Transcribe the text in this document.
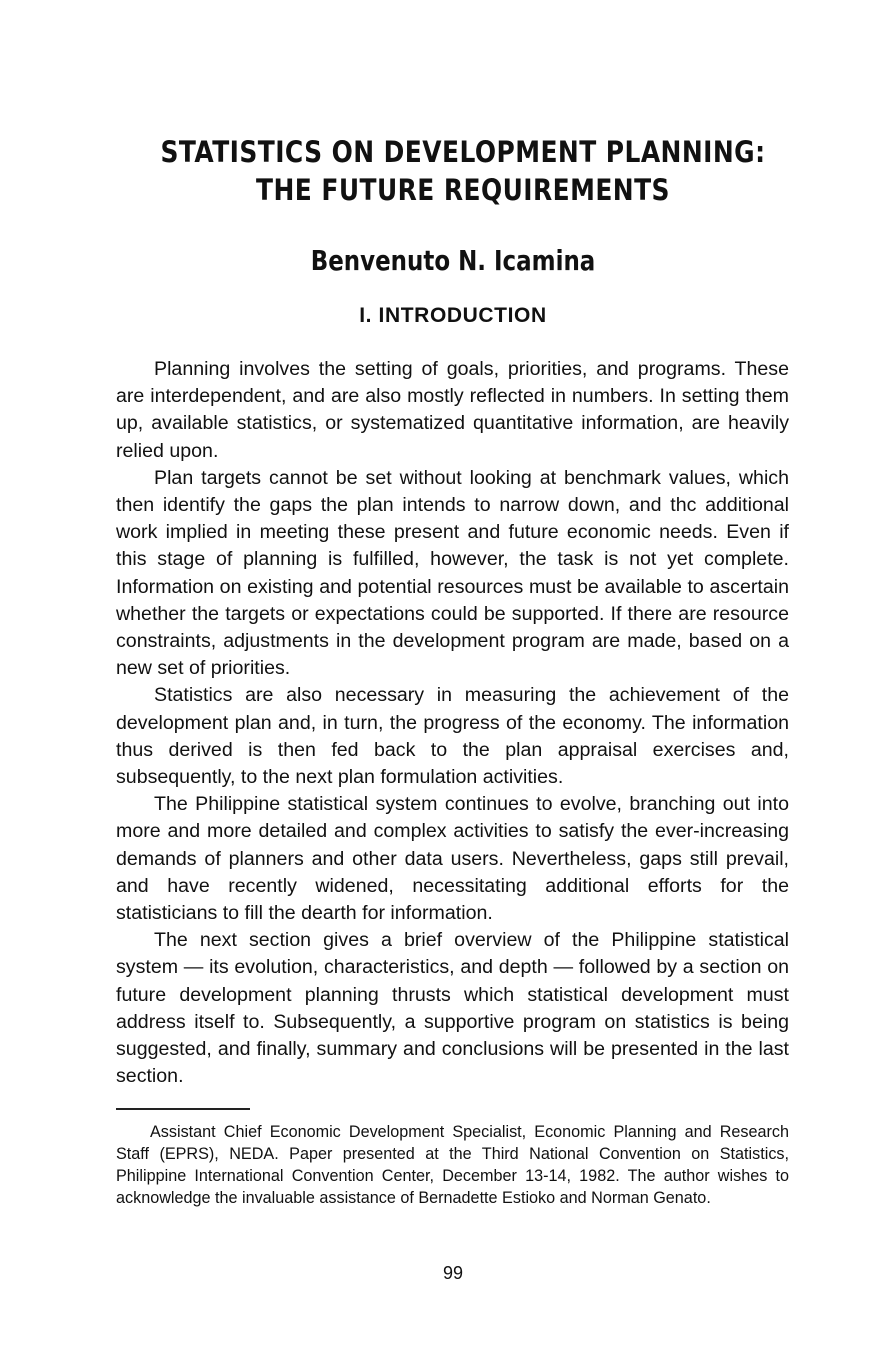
STATISTICS ON DEVELOPMENT PLANNING:
THE FUTURE REQUIREMENTS
Benvenuto N. Icamina
I. INTRODUCTION

Planning involves the setting of goals, priorities, and programs. These are interdependent, and are also mostly reflected in numbers. In setting them up, available statistics, or systematized quantitative information, are heavily relied upon.

Plan targets cannot be set without looking at benchmark values, which then identify the gaps the plan intends to narrow down, and thc additional work implied in meeting these present and future economic needs. Even if this stage of planning is fulfilled, however, the task is not yet complete. Information on existing and potential resources must be available to ascertain whether the targets or expectations could be supported. If there are resource constraints, adjustments in the development program are made, based on a new set of priorities.

Statistics are also necessary in measuring the achievement of the development plan and, in turn, the progress of the economy. The information thus derived is then fed back to the plan appraisal exercises and, subsequently, to the next plan formulation activities.

The Philippine statistical system continues to evolve, branching out into more and more detailed and complex activities to satisfy the ever-increasing demands of planners and other data users. Nevertheless, gaps still prevail, and have recently widened, necessitating additional efforts for the statisticians to fill the dearth for information.

The next section gives a brief overview of the Philippine statistical system — its evolution, characteristics, and depth — followed by a section on future development planning thrusts which statistical development must address itself to. Subsequently, a supportive program on statistics is being suggested, and finally, summary and conclusions will be presented in the last section.

Assistant Chief Economic Development Specialist, Economic Planning and Research Staff (EPRS), NEDA. Paper presented at the Third National Convention on Statistics, Philippine International Convention Center, December 13-14, 1982. The author wishes to acknowledge the invaluable assistance of Bernadette Estioko and Norman Genato.

99
